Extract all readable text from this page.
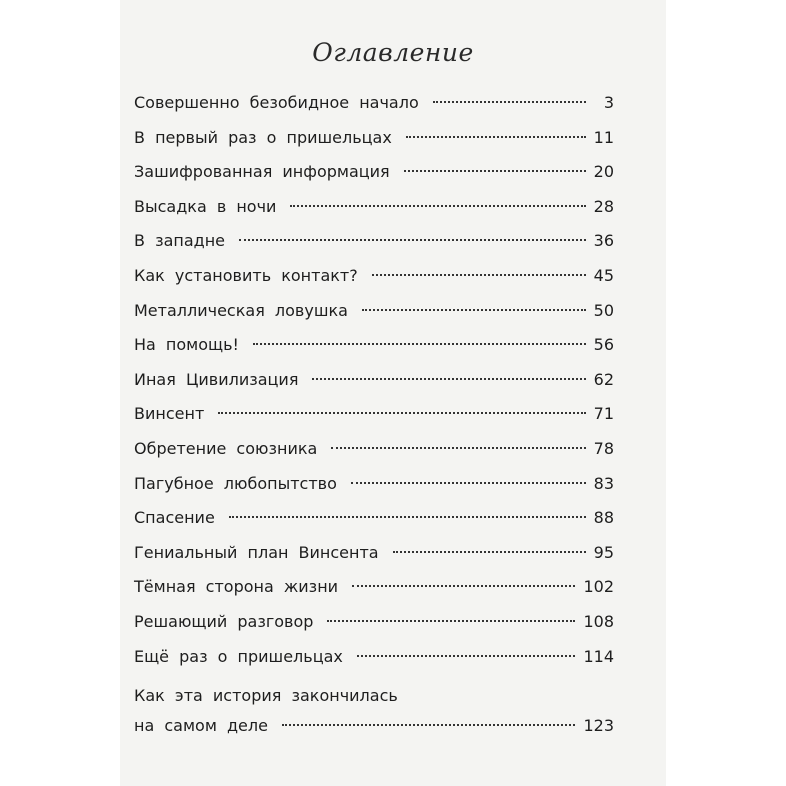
Оглавление
Совершенно безобидное начало	3
В первый раз о пришельцах	11
Зашифрованная информация	20
Высадка в ночи	28
В западне	36
Как установить контакт?	45
Металлическая ловушка	50
На помощь!	56
Иная Цивилизация	62
Винсент	71
Обретение союзника	78
Пагубное любопытство	83
Спасение	88
Гениальный план Винсента	95
Тёмная сторона жизни	102
Решающий разговор	108
Ещё раз о пришельцах	114
Как эта история закончилась
на самом деле	123
